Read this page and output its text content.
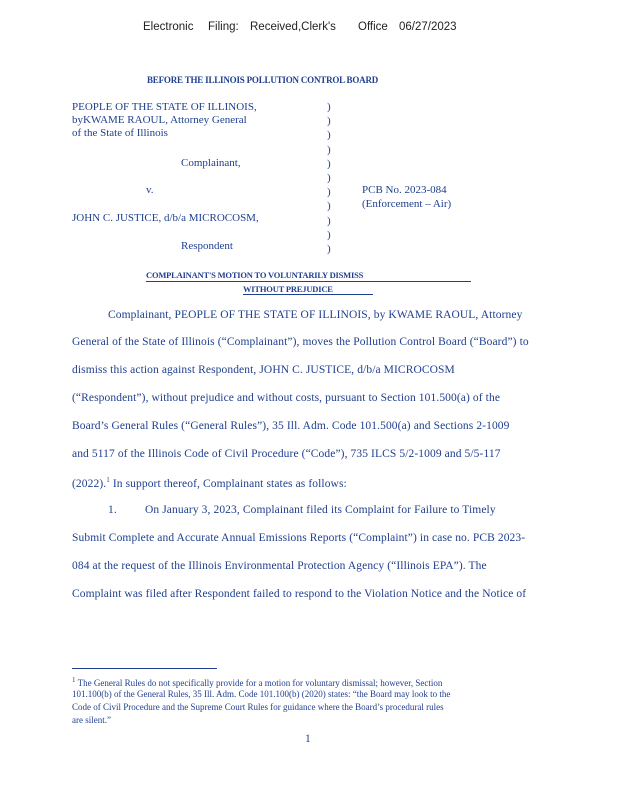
Electronic Filing: Received,Clerk's Office 06/27/2023
BEFORE THE ILLINOIS POLLUTION CONTROL BOARD
PEOPLE OF THE STATE OF ILLINOIS,
byKWAME RAOUL, Attorney General
of the State of Illinois
Complainant,
v.
JOHN C. JUSTICE, d/b/a MICROCOSM,
Respondent
)
)
)
)
)
)
)
)
)
)
)
PCB No. 2023-084
(Enforcement – Air)
COMPLAINANT'S MOTION TO VOLUNTARILY DISMISS
WITHOUT PREJUDICE
Complainant, PEOPLE OF THE STATE OF ILLINOIS, by KWAME RAOUL, Attorney
General of the State of Illinois (“Complainant”), moves the Pollution Control Board (“Board”) to
dismiss this action against Respondent, JOHN C. JUSTICE, d/b/a MICROCOSM
(“Respondent”), without prejudice and without costs, pursuant to Section 101.500(a) of the
Board’s General Rules (“General Rules”), 35 Ill. Adm. Code 101.500(a) and Sections 2-1009
and 5117 of the Illinois Code of Civil Procedure (“Code”), 735 ILCS 5/2-1009 and 5/5-117
(2022).$^1$ In support thereof, Complainant states as follows:
1. On January 3, 2023, Complainant filed its Complaint for Failure to Timely
Submit Complete and Accurate Annual Emissions Reports (“Complaint”) in case no. PCB 2023-
084 at the request of the Illinois Environmental Protection Agency (“Illinois EPA”). The
Complaint was filed after Respondent failed to respond to the Violation Notice and the Notice of
$^1$ The General Rules do not specifically provide for a motion for voluntary dismissal; however, Section
101.100(b) of the General Rules, 35 Ill. Adm. Code 101.100(b) (2020) states: “the Board may look to the
Code of Civil Procedure and the Supreme Court Rules for guidance where the Board’s procedural rules
are silent.”
1
